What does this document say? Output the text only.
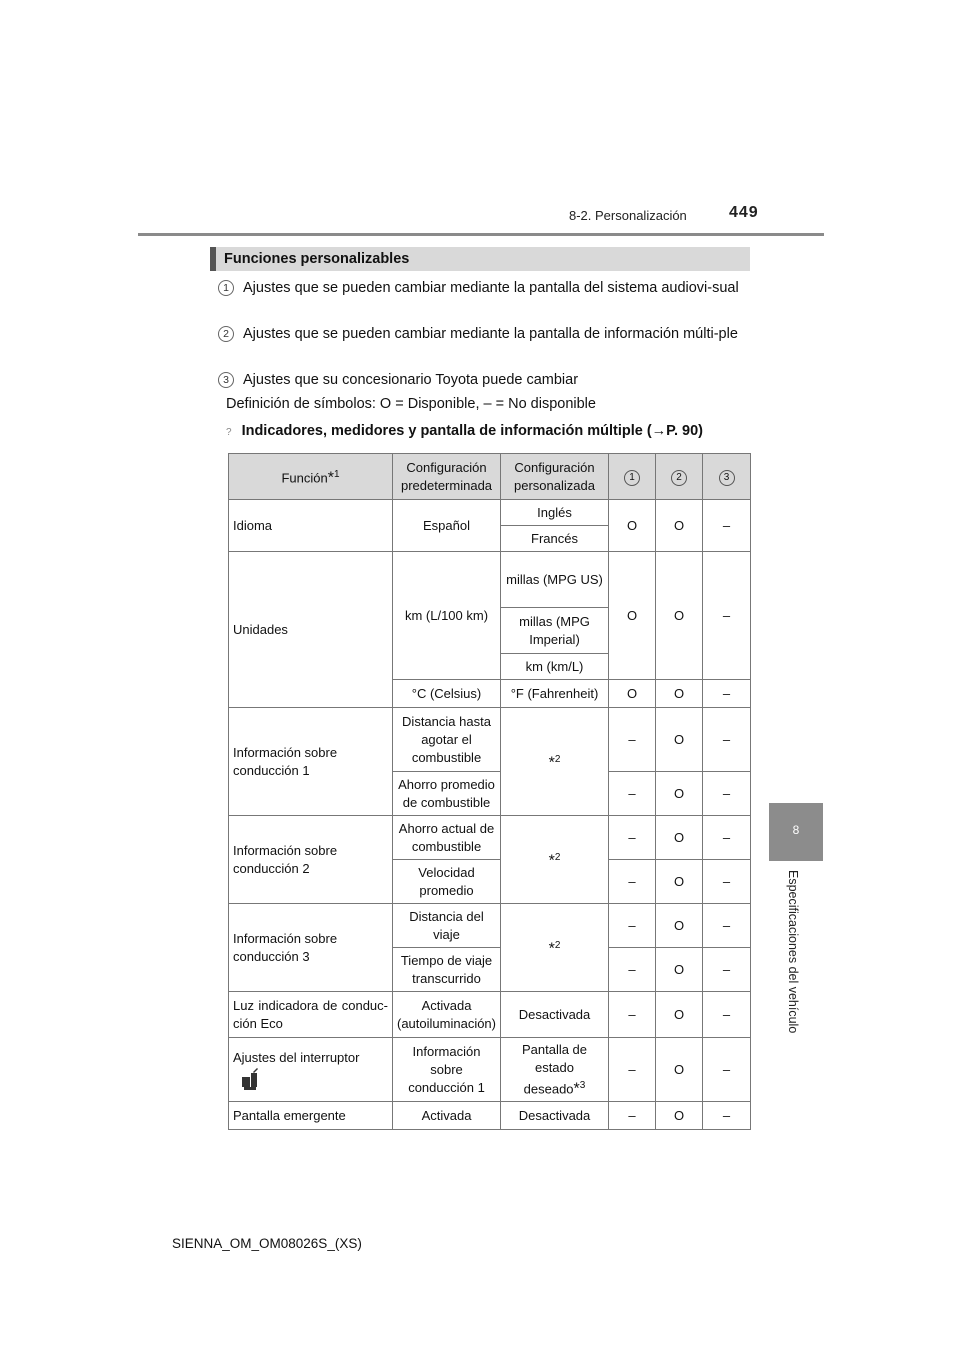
8-2. Personalización	449
8
Especificaciones del vehículo
Funciones personalizables
1 Ajustes que se pueden cambiar mediante la pantalla del sistema audiovi-sual
2 Ajustes que se pueden cambiar mediante la pantalla de información múlti-ple
3 Ajustes que su concesionario Toyota puede cambiar
Definición de símbolos: O = Disponible, – = No disponible
? Indicadores, medidores y pantalla de información múltiple (→P. 90)
Función*$^1$	Configuración predeterminada	Configuración personalizada	1	2	3
Idioma	Español	Inglés	O	O	–
		Francés			
Unidades	km (L/100 km)	millas (MPG US)	O	O	–
		millas (MPG Imperial)			
		km (km/L)			
	°C (Celsius)	°F (Fahrenheit)	O	O	–
Información sobre conducción 1	Distancia hasta agotar el combustible	*$^2$	–	O	–
	Ahorro promedio de combustible		–	O	–
Información sobre conducción 2	Ahorro actual de combustible	*$^2$	–	O	–
	Velocidad promedio		–	O	–
Información sobre conducción 3	Distancia del viaje	*$^2$	–	O	–
	Tiempo de viaje transcurrido		–	O	–
Luz indicadora de conduc-ción Eco	Activada (autoiluminación)	Desactivada	–	O	–
Ajustes del interruptor	Información sobre conducción 1	Pantalla de estado deseado*$^3$	–	O	–
Pantalla emergente	Activada	Desactivada	–	O	–
SIENNA_OM_OM08026S_(XS)
